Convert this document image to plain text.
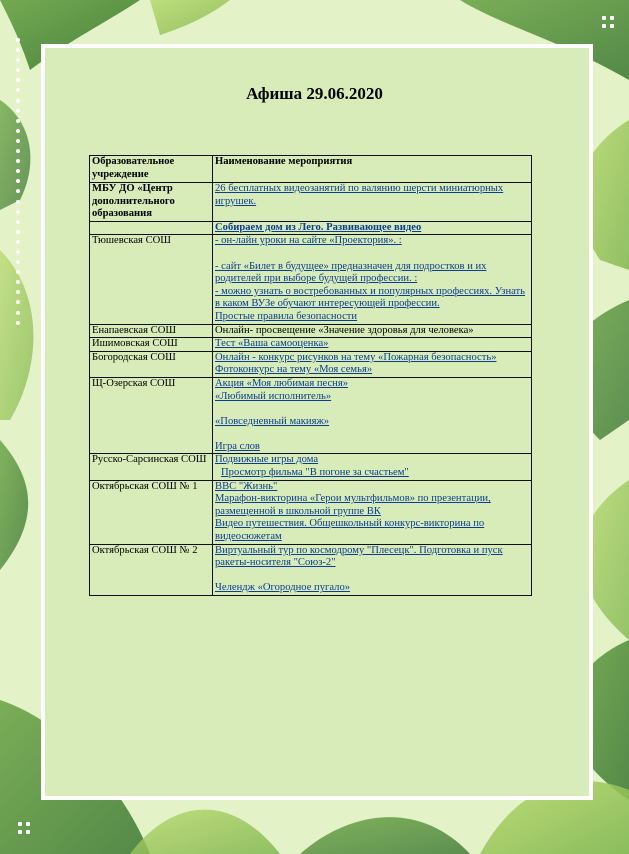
Афиша 29.06.2020
Образовательное учреждение	Наименование мероприятия
МБУ ДО «Центр дополнительного образования	26 бесплатных видеозанятий по валянию шерсти миниатюрных игрушек.

	Собираем дом из Лего. Развивающее видео

Тюшевская СОШ	- он-лайн уроки на сайте «Проектория». :
- сайт «Билет в будущее» предназначен для подростков и их родителей при выборе будущей профессии. :
- можно узнать о востребованных и популярных профессиях. Узнать в каком ВУЗе обучают интересующей профессии.
Простые правила безопасности

Енапаевская СОШ	Онлайн- просвещение «Значение здоровья для человека»

Ишимовская СОШ	Тест «Ваша самооценка»

Богородская СОШ	Онлайн - конкурс рисунков на тему «Пожарная безопасность»
Фотоконкурс на тему «Моя семья»

Щ-Озерская СОШ	Акция «Моя любимая песня»
«Любимый исполнитель»
«Повседневный макияж»
Игра слов

Русско-Сарсинская СОШ	Подвижные игры дома
Просмотр фильма "В погоне за счастьем"

Октябрьская СОШ № 1	BBC "Жизнь"
Марафон-викторина «Герои мультфильмов» по презентации, размещенной в школьной группе ВК
Видео путешествия. Общешкольный конкурс-викторина по видеосюжетам

Октябрьская СОШ № 2	Виртуальный тур по космодрому "Плесецк". Подготовка и пуск ракеты-носителя "Союз-2"
Челендж «Огородное пугало»
